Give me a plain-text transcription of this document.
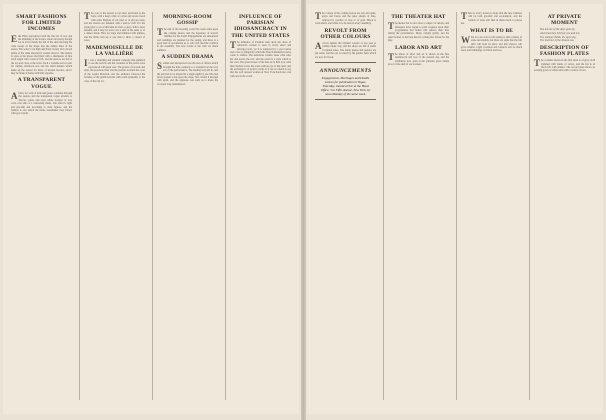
SMART FASHIONS FOR LIMITED INCOMES
Ethe Filler reproduced with the fine bit of lace and the trimming of the bodice, smart and pretty though not in all its detail, the fall of the skirt showing the wide sweep of the shape and the simple lines of the sleeve. The waist is cut high and fitted closely and a broad girdle of the same material is wound about it. The bodice is open at the throat and filled with a chemisette of fine lawn edged with a narrow frill, and the sleeves are full at the top and close at the wrist. Such a costume serves well for calling, afternoon teas and the small dinners which make up the season for those of modest income, and it may be made at home with little expense.
A TRANSPARENT VOGUE
Afancy for veils of tulle and gauze continues through the season, and the transparent vogue extends to sleeves, yokes and even whole bodices of lace worn over silk of a contrasting shade. The effect is light and graceful and becoming to most figures, and the fashion is one which the home dressmaker may follow with good result.
The coat of the season is cut short and fitted at the back, with a deep collar of velvet and revers faced with satin. Buttons of cut steel or of gilt are used, and the sleeves are finished with a narrow cuff. For the young girl a coat of this kind in fawn or grey cloth is most suitable, and it may be worn over a skirt of the same or of a darker shade. Hats are large and trimmed with plumes, and the brims turn up at one side to show a cluster of roses.
MADEMOISELLE DE LA VALLIÈRE
It was a charming and talented company that gathered to see the revival, and the costumes of the period were reproduced with great care. The gowns of brocade and satin, the powdered hair and the patches recalled the court of the Grand Monarch, and the audience followed the fortunes of the gentle heroine with warm sympathy to the close of the last act.
MORNING-ROOM GOSSIP
The talk of the morning room this week turns upon the coming dances and the departure of several families for the South. Engagements are announced and weddings are planned for the spring, and there is a good deal of speculation as to who will lead the cotillion at the assembly. The new rooms at the club are much admired.
A SUDDEN DRAMA
Sudden and unexpected was the turn of affairs which brought the little company to a standstill on the very eve of the performance. The leading lady fell ill, and the part had to be learned in a single night by one who had never spoken a line upon the stage. She carried it through with spirit, and the applause was such as to make the occasion long remembered.
INFLUENCE OF PARISIAN IDIOSANCRACY IN THE UNITED STATES
The influence of Parisian taste upon the dress of American women is seen in every street and drawing room, yet it is tempered by a good sense and a love of simplicity which the French themselves have come to admire. The American woman takes what suits her and leaves the rest, and the result is a style which is her own. The great houses of the Rue de la Paix now send their models across the water with an eye to this taste, and the exchange is of profit to both. It is not too much to say that the well dressed woman of New York holds her own with any in the world.
The colours of the coming season are soft and quiet, greys and fawns and the paler shades of blue, relieved by touches of rose or of gold. Black is worn much, and white is to be seen in every assembly.
REVOLT FROM OTHER COLOURS
Arevolt against the brilliant colours of last year is plainly under way, and the shops are full of stuffs in muted tones. The harsh greens and purples are put aside, and the eye is rested by the gentler hues which are now in favour.
ANNOUNCEMENTS
Engagements, Marriages and Deaths notices for publication in Vogue, Thursday, should arrive at the Head Office, 3 to Fifth Avenue, New York, by noon Monday of the same week.
THE THEATER HAT
The theater hat is once more a subject of debate, and managers have begun to print requests upon their programmes that ladies will remove their hats during the performance. Many comply gladly, and the small bonnet or the bare head is coming into favour for the play.
LABOR AND ART
The union of labor and art is shown in the fine needlework and lace of the present day, and the exhibition now open at the galleries gives ample proof of the skill of our workers.
There is every reason to hope that the new fashions will be both graceful and economical, and the woman of taste will find in them much to please her.
WHAT IS TO BE
What is to be worn in the spring is still a matter of some uncertainty, but there are signs that the full skirt will hold its place and that sleeves will grow smaller. Light woollens and foulards will be much used, and trimmings of ribbon and lace.
AT PRIVATE MOMENT
You ask me of the days gone by,
And what they held for you and me;
The summer fields, the open sky,
The murmur of the distant sea.
DESCRIPTION OF FASHION PLATES
The costume shown in the first plate is of grey cloth trimmed with bands of velvet, and the hat is of black felt with plumes. The second plate shows an evening gown of white satin with a bodice of lace.
